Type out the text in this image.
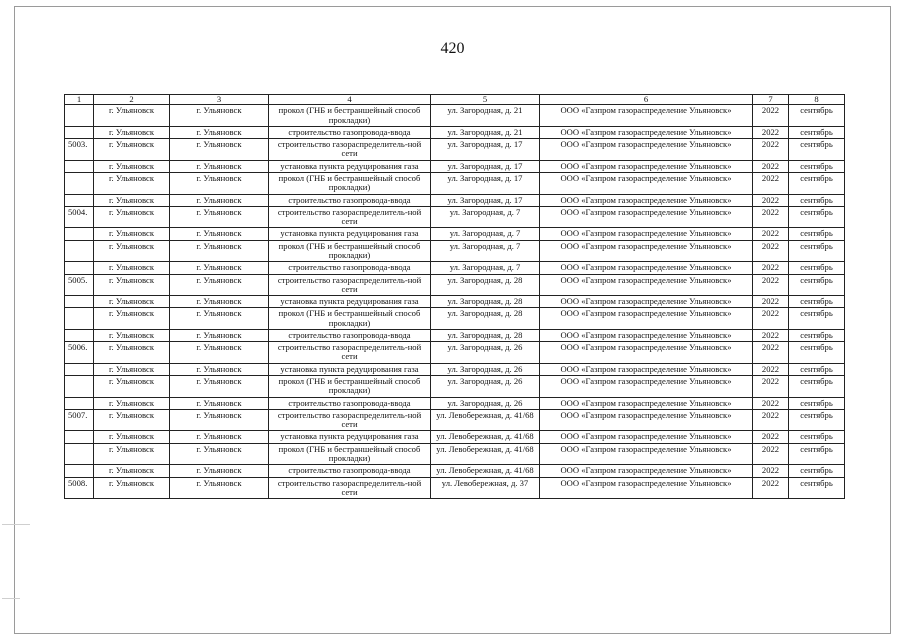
420
1	2	3	4	5	6	7	8
	г. Ульяновск	г. Ульяновск	прокол (ГНБ и бестраншейный способ прокладки)	ул. Загородная, д. 21	ООО «Газпром газораспределение Ульяновск»	2022	сентябрь
	г. Ульяновск	г. Ульяновск	строительство газопровода-ввода	ул. Загородная, д. 21	ООО «Газпром газораспределение Ульяновск»	2022	сентябрь
5003.	г. Ульяновск	г. Ульяновск	строительство газораспределитель-ной сети	ул. Загородная, д. 17	ООО «Газпром газораспределение Ульяновск»	2022	сентябрь
	г. Ульяновск	г. Ульяновск	установка пункта редуцирования газа	ул. Загородная, д. 17	ООО «Газпром газораспределение Ульяновск»	2022	сентябрь
	г. Ульяновск	г. Ульяновск	прокол (ГНБ и бестраншейный способ прокладки)	ул. Загородная, д. 17	ООО «Газпром газораспределение Ульяновск»	2022	сентябрь
	г. Ульяновск	г. Ульяновск	строительство газопровода-ввода	ул. Загородная, д. 17	ООО «Газпром газораспределение Ульяновск»	2022	сентябрь
5004.	г. Ульяновск	г. Ульяновск	строительство газораспределитель-ной сети	ул. Загородная, д. 7	ООО «Газпром газораспределение Ульяновск»	2022	сентябрь
	г. Ульяновск	г. Ульяновск	установка пункта редуцирования газа	ул. Загородная, д. 7	ООО «Газпром газораспределение Ульяновск»	2022	сентябрь
	г. Ульяновск	г. Ульяновск	прокол (ГНБ и бестраншейный способ прокладки)	ул. Загородная, д. 7	ООО «Газпром газораспределение Ульяновск»	2022	сентябрь
	г. Ульяновск	г. Ульяновск	строительство газопровода-ввода	ул. Загородная, д. 7	ООО «Газпром газораспределение Ульяновск»	2022	сентябрь
5005.	г. Ульяновск	г. Ульяновск	строительство газораспределитель-ной сети	ул. Загородная, д. 28	ООО «Газпром газораспределение Ульяновск»	2022	сентябрь
	г. Ульяновск	г. Ульяновск	установка пункта редуцирования газа	ул. Загородная, д. 28	ООО «Газпром газораспределение Ульяновск»	2022	сентябрь
	г. Ульяновск	г. Ульяновск	прокол (ГНБ и бестраншейный способ прокладки)	ул. Загородная, д. 28	ООО «Газпром газораспределение Ульяновск»	2022	сентябрь
	г. Ульяновск	г. Ульяновск	строительство газопровода-ввода	ул. Загородная, д. 28	ООО «Газпром газораспределение Ульяновск»	2022	сентябрь
5006.	г. Ульяновск	г. Ульяновск	строительство газораспределитель-ной сети	ул. Загородная, д. 26	ООО «Газпром газораспределение Ульяновск»	2022	сентябрь
	г. Ульяновск	г. Ульяновск	установка пункта редуцирования газа	ул. Загородная, д. 26	ООО «Газпром газораспределение Ульяновск»	2022	сентябрь
	г. Ульяновск	г. Ульяновск	прокол (ГНБ и бестраншейный способ прокладки)	ул. Загородная, д. 26	ООО «Газпром газораспределение Ульяновск»	2022	сентябрь
	г. Ульяновск	г. Ульяновск	строительство газопровода-ввода	ул. Загородная, д. 26	ООО «Газпром газораспределение Ульяновск»	2022	сентябрь
5007.	г. Ульяновск	г. Ульяновск	строительство газораспределитель-ной сети	ул. Левобережная, д. 41/68	ООО «Газпром газораспределение Ульяновск»	2022	сентябрь
	г. Ульяновск	г. Ульяновск	установка пункта редуцирования газа	ул. Левобережная, д. 41/68	ООО «Газпром газораспределение Ульяновск»	2022	сентябрь
	г. Ульяновск	г. Ульяновск	прокол (ГНБ и бестраншейный способ прокладки)	ул. Левобережная, д. 41/68	ООО «Газпром газораспределение Ульяновск»	2022	сентябрь
	г. Ульяновск	г. Ульяновск	строительство газопровода-ввода	ул. Левобережная, д. 41/68	ООО «Газпром газораспределение Ульяновск»	2022	сентябрь
5008.	г. Ульяновск	г. Ульяновск	строительство газораспределитель-ной сети	ул. Левобережная, д. 37	ООО «Газпром газораспределение Ульяновск»	2022	сентябрь
